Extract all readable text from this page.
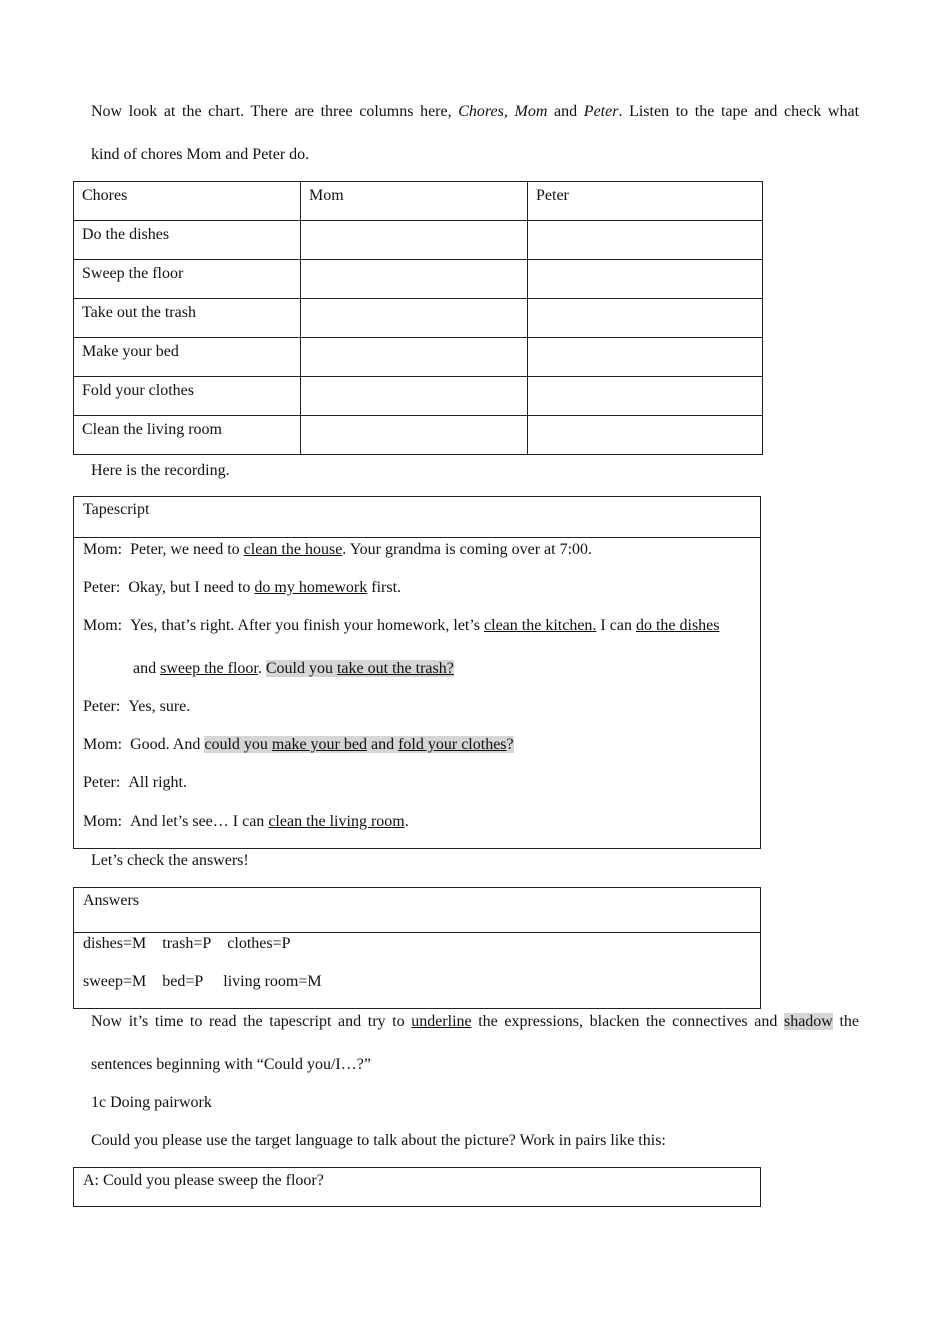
Now look at the chart. There are three columns here, Chores, Mom and Peter. Listen to the tape and check what
kind of chores Mom and Peter do.
Chores	Mom	Peter
Do the dishes		
Sweep the floor		
Take out the trash		
Make your bed		
Fold your clothes		
Clean the living room		
Here is the recording.
Tapescript
Mom: Peter, we need to clean the house. Your grandma is coming over at 7:00.
Peter: Okay, but I need to do my homework first.
Mom: Yes, that’s right. After you finish your homework, let’s clean the kitchen. I can do the dishes
and sweep the floor. Could you take out the trash?
Peter: Yes, sure.
Mom: Good. And could you make your bed and fold your clothes?
Peter: All right.
Mom: And let’s see… I can clean the living room.
Let’s check the answers!
Answers
dishes=M    trash=P    clothes=P
sweep=M    bed=P     living room=M
Now it’s time to read the tapescript and try to underline the expressions, blacken the connectives and shadow the
sentences beginning with “Could you/I…?”
1c Doing pairwork
Could you please use the target language to talk about the picture? Work in pairs like this:
A: Could you please sweep the floor?
